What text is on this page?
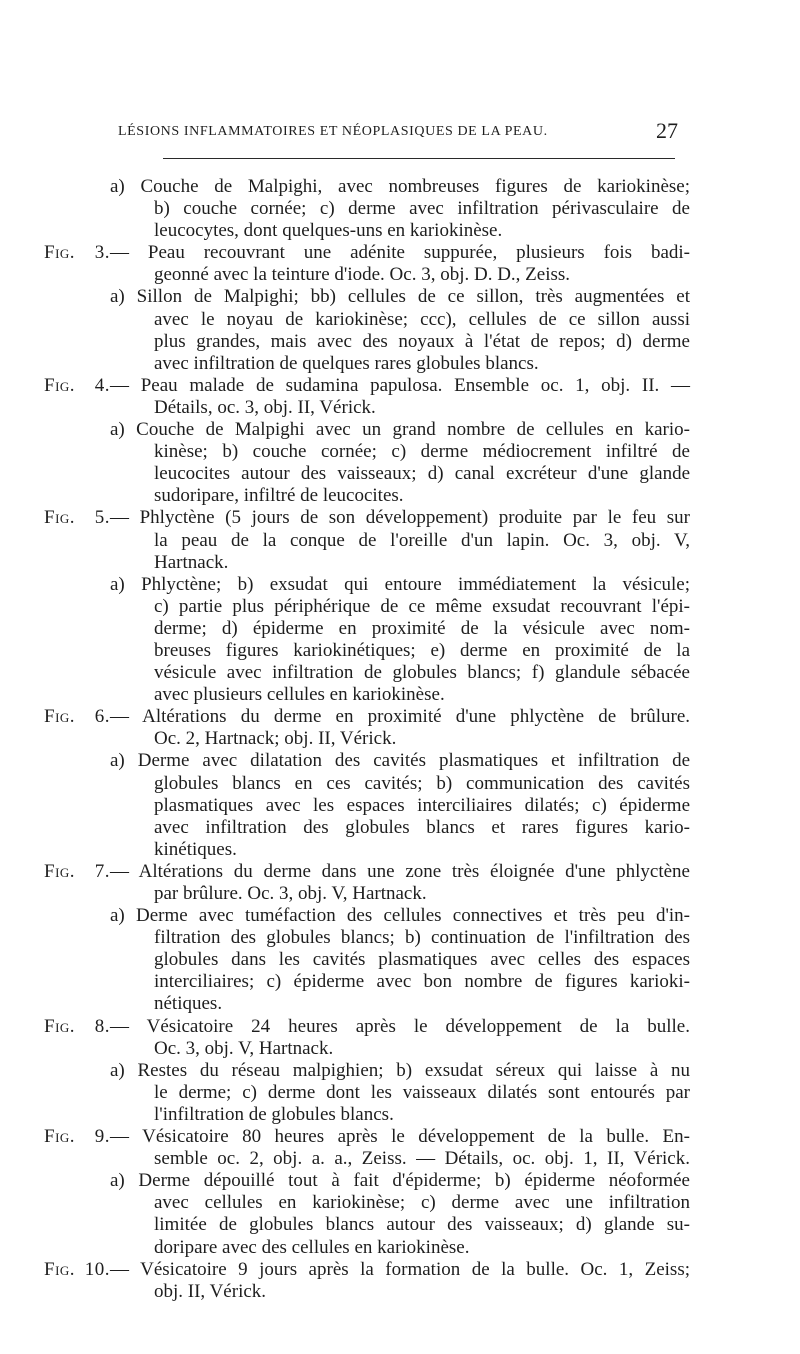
LÉSIONS INFLAMMATOIRES ET NÉOPLASIQUES DE LA PEAU.	27
a) Couche de Malpighi, avec nombreuses figures de kariokinèse;
b) couche cornée; c) derme avec infiltration périvasculaire de
leucocytes, dont quelques-uns en kariokinèse.
Fig. 3.— Peau recouvrant une adénite suppurée, plusieurs fois badi-
geonné avec la teinture d'iode. Oc. 3, obj. D. D., Zeiss.
a) Sillon de Malpighi; bb) cellules de ce sillon, très augmentées et
avec le noyau de kariokinèse; ccc), cellules de ce sillon aussi
plus grandes, mais avec des noyaux à l'état de repos; d) derme
avec infiltration de quelques rares globules blancs.
Fig. 4.— Peau malade de sudamina papulosa. Ensemble oc. 1, obj. II. —
Détails, oc. 3, obj. II, Vérick.
a) Couche de Malpighi avec un grand nombre de cellules en kario-
kinèse; b) couche cornée; c) derme médiocrement infiltré de
leucocites autour des vaisseaux; d) canal excréteur d'une glande
sudoripare, infiltré de leucocites.
Fig. 5.— Phlyctène (5 jours de son développement) produite par le feu sur
la peau de la conque de l'oreille d'un lapin. Oc. 3, obj. V,
Hartnack.
a) Phlyctène; b) exsudat qui entoure immédiatement la vésicule;
c) partie plus périphérique de ce même exsudat recouvrant l'épi-
derme; d) épiderme en proximité de la vésicule avec nom-
breuses figures kariokinétiques; e) derme en proximité de la
vésicule avec infiltration de globules blancs; f) glandule sébacée
avec plusieurs cellules en kariokinèse.
Fig. 6.— Altérations du derme en proximité d'une phlyctène de brûlure.
Oc. 2, Hartnack; obj. II, Vérick.
a) Derme avec dilatation des cavités plasmatiques et infiltration de
globules blancs en ces cavités; b) communication des cavités
plasmatiques avec les espaces interciliaires dilatés; c) épiderme
avec infiltration des globules blancs et rares figures kario-
kinétiques.
Fig. 7.— Altérations du derme dans une zone très éloignée d'une phlyctène
par brûlure. Oc. 3, obj. V, Hartnack.
a) Derme avec tuméfaction des cellules connectives et très peu d'in-
filtration des globules blancs; b) continuation de l'infiltration des
globules dans les cavités plasmatiques avec celles des espaces
interciliaires; c) épiderme avec bon nombre de figures karioki-
nétiques.
Fig. 8.— Vésicatoire 24 heures après le développement de la bulle.
Oc. 3, obj. V, Hartnack.
a) Restes du réseau malpighien; b) exsudat séreux qui laisse à nu
le derme; c) derme dont les vaisseaux dilatés sont entourés par
l'infiltration de globules blancs.
Fig. 9.— Vésicatoire 80 heures après le développement de la bulle. En-
semble oc. 2, obj. a. a., Zeiss. — Détails, oc. obj. 1, II, Vérick.
a) Derme dépouillé tout à fait d'épiderme; b) épiderme néoformée
avec cellules en kariokinèse; c) derme avec une infiltration
limitée de globules blancs autour des vaisseaux; d) glande su-
doripare avec des cellules en kariokinèse.
Fig. 10.— Vésicatoire 9 jours après la formation de la bulle. Oc. 1, Zeiss;
obj. II, Vérick.
